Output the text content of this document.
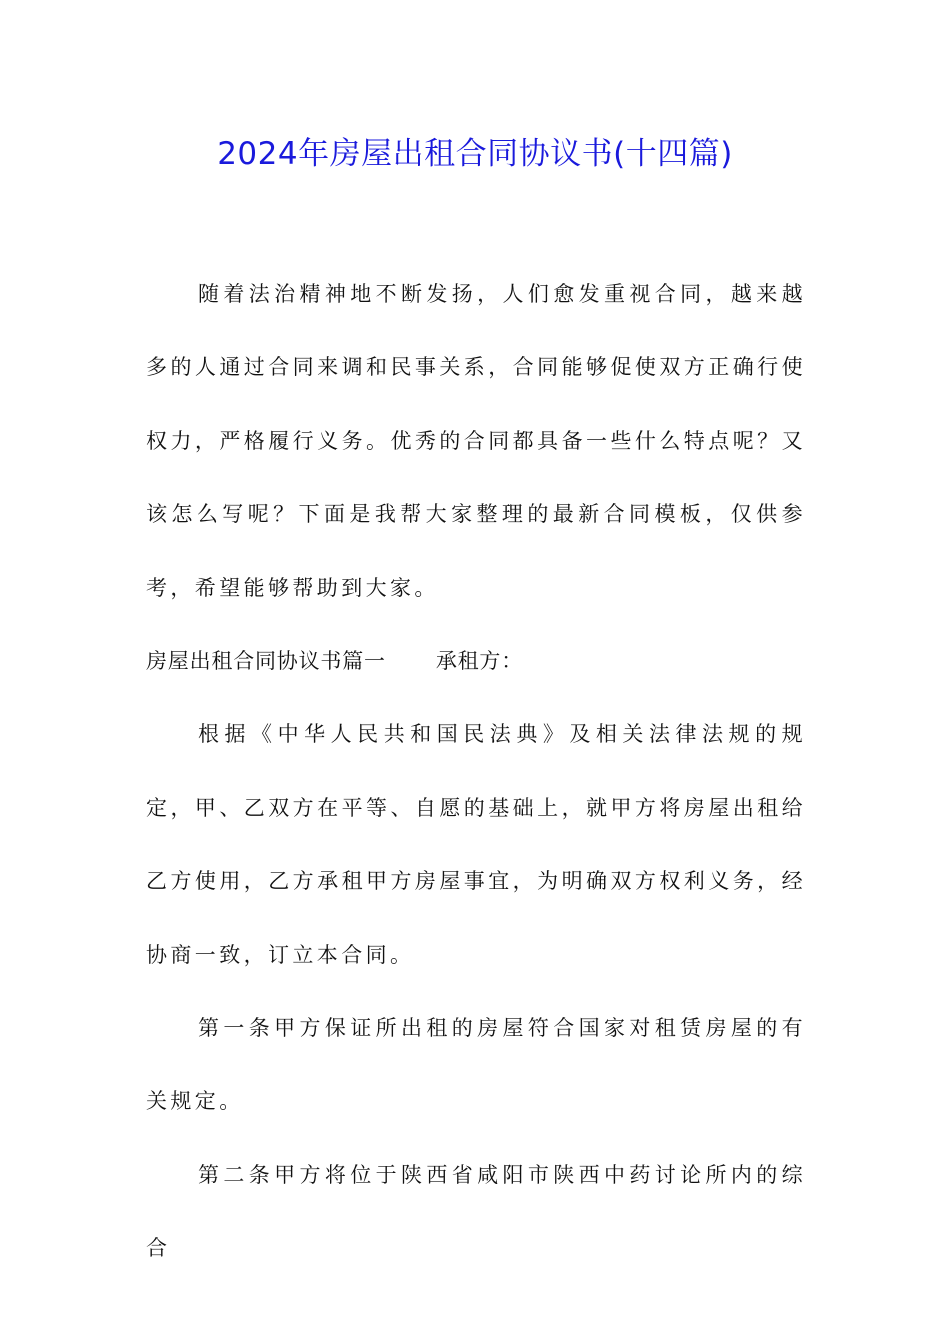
2024年房屋出租合同协议书(十四篇)

随着法治精神地不断发扬，人们愈发重视合同，越来越多的人通过合同来调和民事关系，合同能够促使双方正确行使权力，严格履行义务。优秀的合同都具备一些什么特点呢？又该怎么写呢？下面是我帮大家整理的最新合同模板，仅供参考，希望能够帮助到大家。

房屋出租合同协议书篇一 承租方：

根据《中华人民共和国民法典》及相关法律法规的规定，甲、乙双方在平等、自愿的基础上，就甲方将房屋出租给乙方使用，乙方承租甲方房屋事宜，为明确双方权利义务，经协商一致，订立本合同。

第一条甲方保证所出租的房屋符合国家对租赁房屋的有关规定。

第二条甲方将位于陕西省咸阳市陕西中药讨论所内的综合
